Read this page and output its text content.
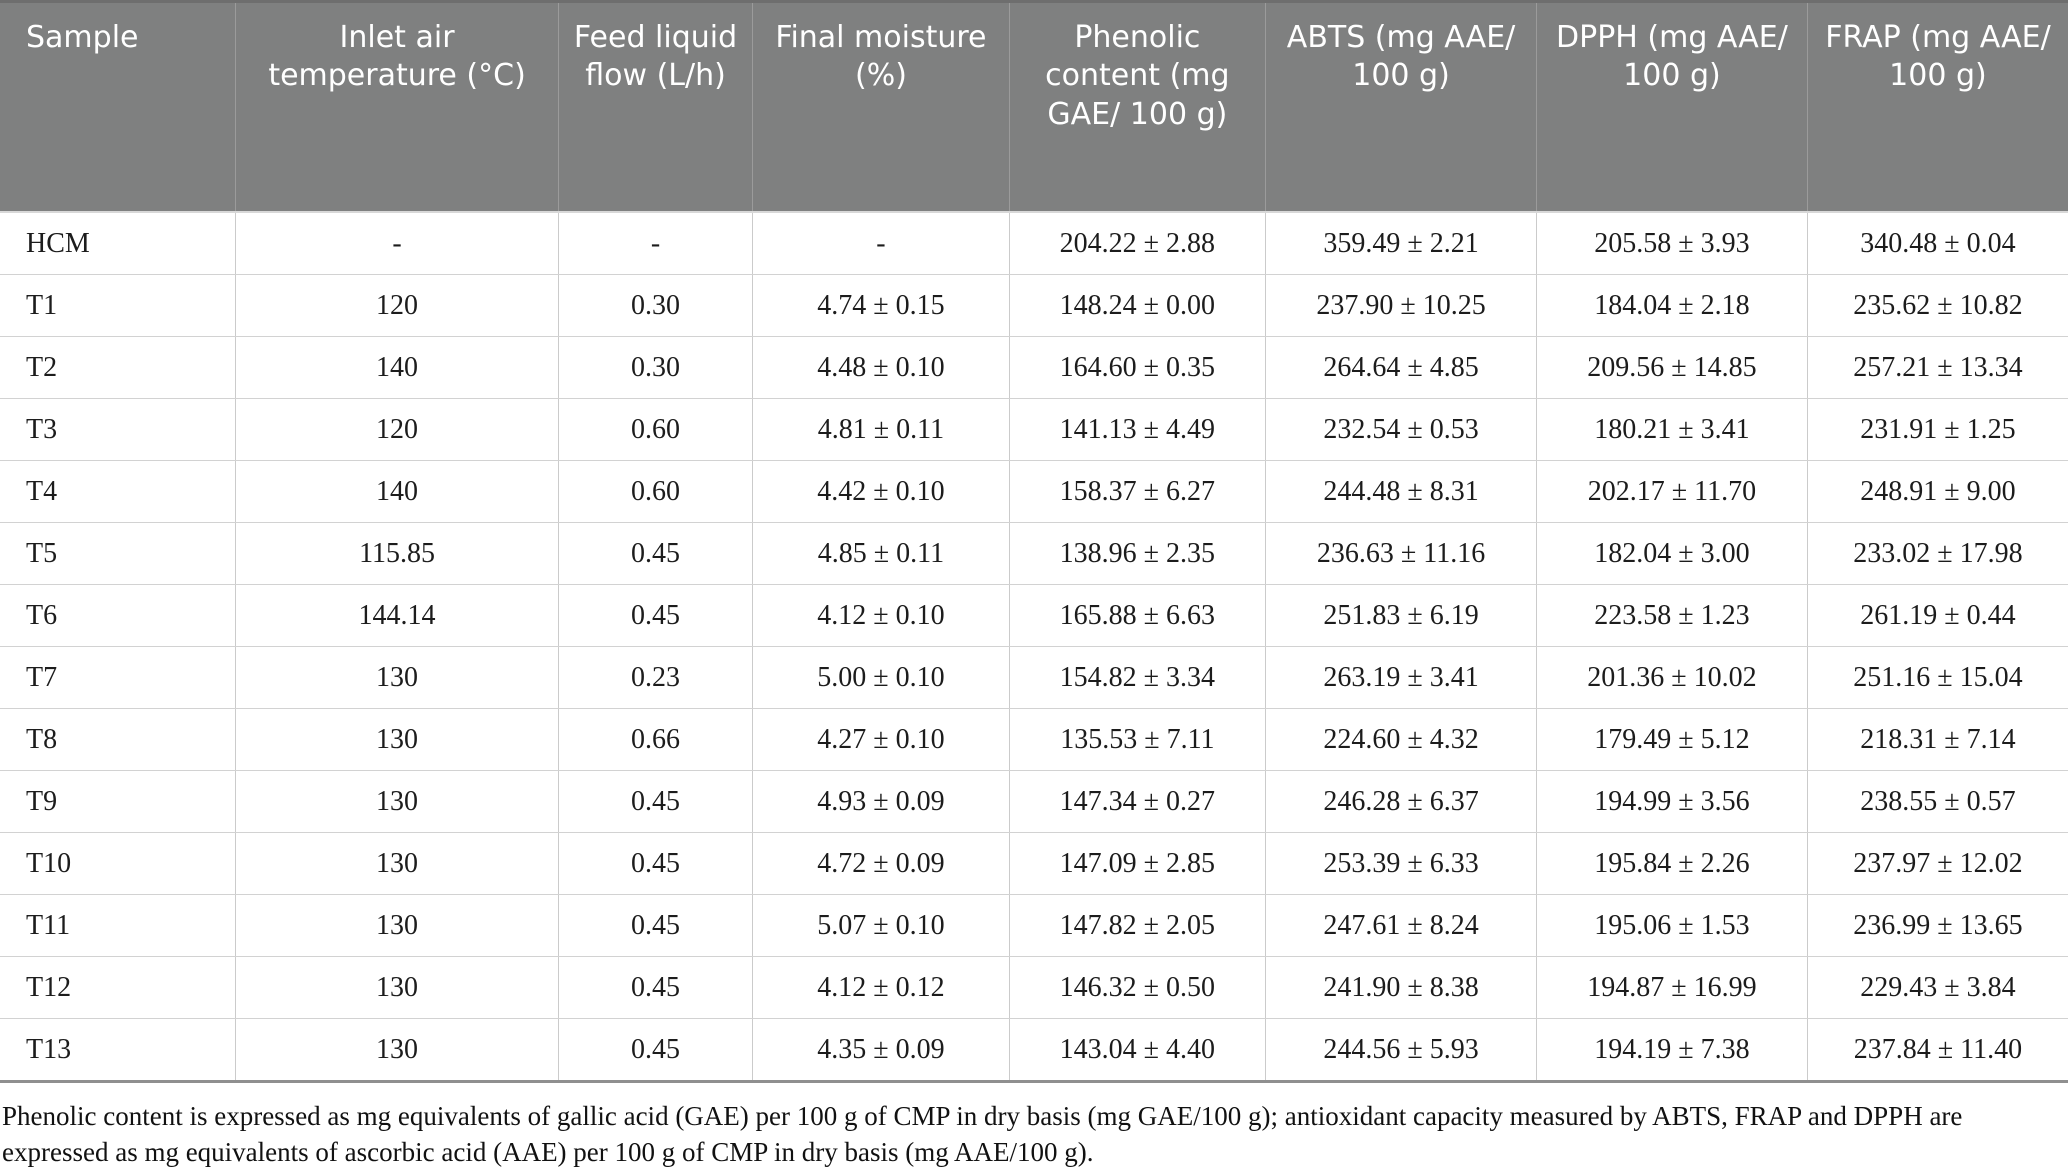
Sample	Inlet air temperature (°C)	Feed liquid flow (L/h)	Final moisture (%)	Phenolic content (mg GAE/ 100 g)	ABTS (mg AAE/ 100 g)	DPPH (mg AAE/ 100 g)	FRAP (mg AAE/ 100 g)
HCM	-	-	-	204.22 ± 2.88	359.49 ± 2.21	205.58 ± 3.93	340.48 ± 0.04
T1	120	0.30	4.74 ± 0.15	148.24 ± 0.00	237.90 ± 10.25	184.04 ± 2.18	235.62 ± 10.82
T2	140	0.30	4.48 ± 0.10	164.60 ± 0.35	264.64 ± 4.85	209.56 ± 14.85	257.21 ± 13.34
T3	120	0.60	4.81 ± 0.11	141.13 ± 4.49	232.54 ± 0.53	180.21 ± 3.41	231.91 ± 1.25
T4	140	0.60	4.42 ± 0.10	158.37 ± 6.27	244.48 ± 8.31	202.17 ± 11.70	248.91 ± 9.00
T5	115.85	0.45	4.85 ± 0.11	138.96 ± 2.35	236.63 ± 11.16	182.04 ± 3.00	233.02 ± 17.98
T6	144.14	0.45	4.12 ± 0.10	165.88 ± 6.63	251.83 ± 6.19	223.58 ± 1.23	261.19 ± 0.44
T7	130	0.23	5.00 ± 0.10	154.82 ± 3.34	263.19 ± 3.41	201.36 ± 10.02	251.16 ± 15.04
T8	130	0.66	4.27 ± 0.10	135.53 ± 7.11	224.60 ± 4.32	179.49 ± 5.12	218.31 ± 7.14
T9	130	0.45	4.93 ± 0.09	147.34 ± 0.27	246.28 ± 6.37	194.99 ± 3.56	238.55 ± 0.57
T10	130	0.45	4.72 ± 0.09	147.09 ± 2.85	253.39 ± 6.33	195.84 ± 2.26	237.97 ± 12.02
T11	130	0.45	5.07 ± 0.10	147.82 ± 2.05	247.61 ± 8.24	195.06 ± 1.53	236.99 ± 13.65
T12	130	0.45	4.12 ± 0.12	146.32 ± 0.50	241.90 ± 8.38	194.87 ± 16.99	229.43 ± 3.84
T13	130	0.45	4.35 ± 0.09	143.04 ± 4.40	244.56 ± 5.93	194.19 ± 7.38	237.84 ± 11.40

Phenolic content is expressed as mg equivalents of gallic acid (GAE) per 100 g of CMP in dry basis (mg GAE/100 g); antioxidant capacity measured by ABTS, FRAP and DPPH are expressed as mg equivalents of ascorbic acid (AAE) per 100 g of CMP in dry basis (mg AAE/100 g).
